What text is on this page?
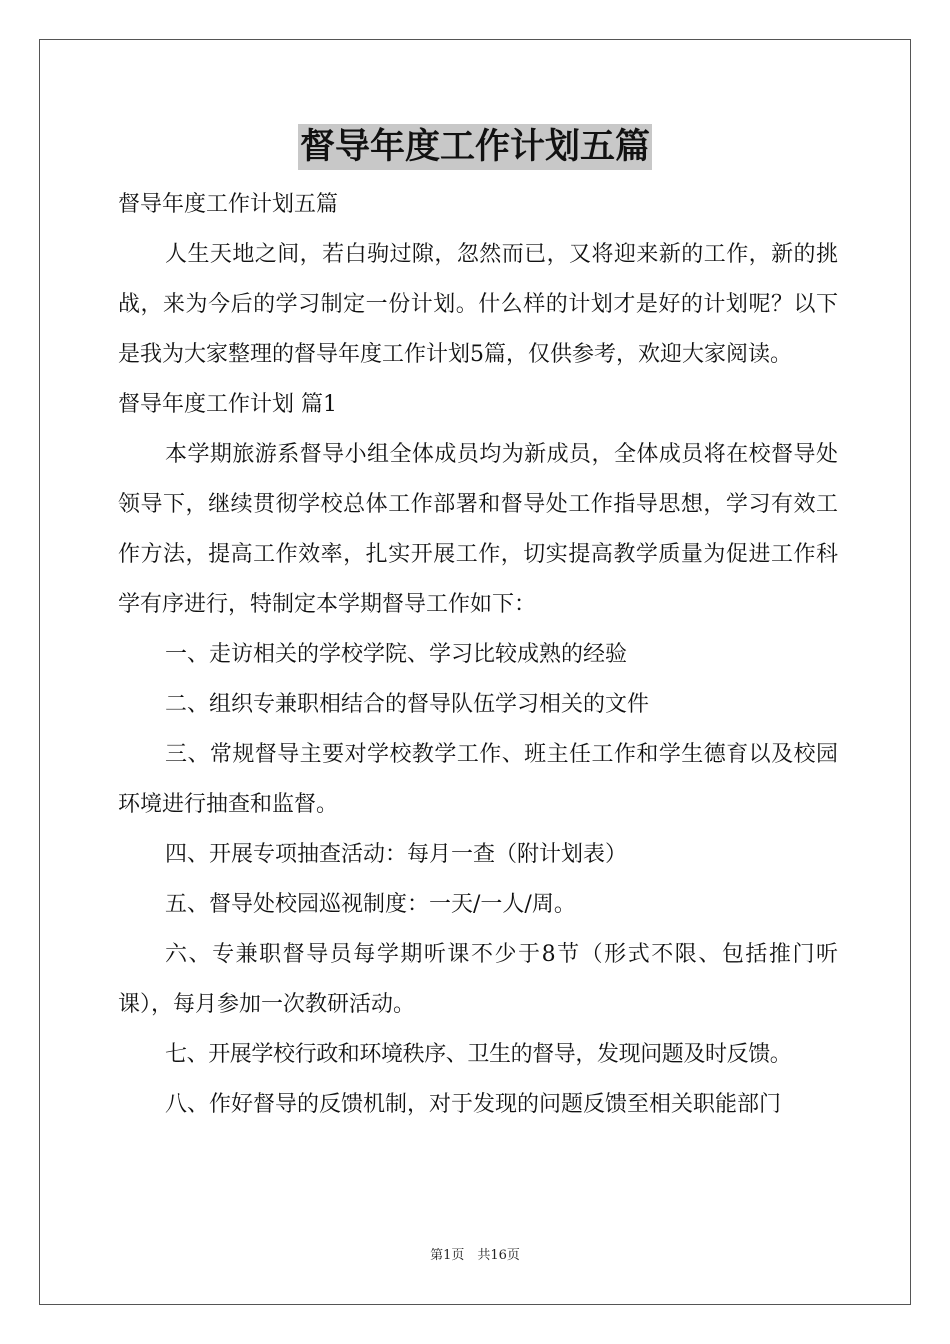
督导年度工作计划五篇

督导年度工作计划五篇

人生天地之间，若白驹过隙，忽然而已，又将迎来新的工作，新的挑战，来为今后的学习制定一份计划。什么样的计划才是好的计划呢？以下是我为大家整理的督导年度工作计划5篇，仅供参考，欢迎大家阅读。

督导年度工作计划 篇1

本学期旅游系督导小组全体成员均为新成员，全体成员将在校督导处领导下，继续贯彻学校总体工作部署和督导处工作指导思想，学习有效工作方法，提高工作效率，扎实开展工作，切实提高教学质量为促进工作科学有序进行，特制定本学期督导工作如下：

一、走访相关的学校学院、学习比较成熟的经验

二、组织专兼职相结合的督导队伍学习相关的文件

三、常规督导主要对学校教学工作、班主任工作和学生德育以及校园环境进行抽查和监督。

四、开展专项抽查活动：每月一查（附计划表）

五、督导处校园巡视制度：一天/一人/周。

六、专兼职督导员每学期听课不少于8节（形式不限、包括推门听课），每月参加一次教研活动。

七、开展学校行政和环境秩序、卫生的督导，发现问题及时反馈。

八、作好督导的反馈机制，对于发现的问题反馈至相关职能部门

第1页　共16页
